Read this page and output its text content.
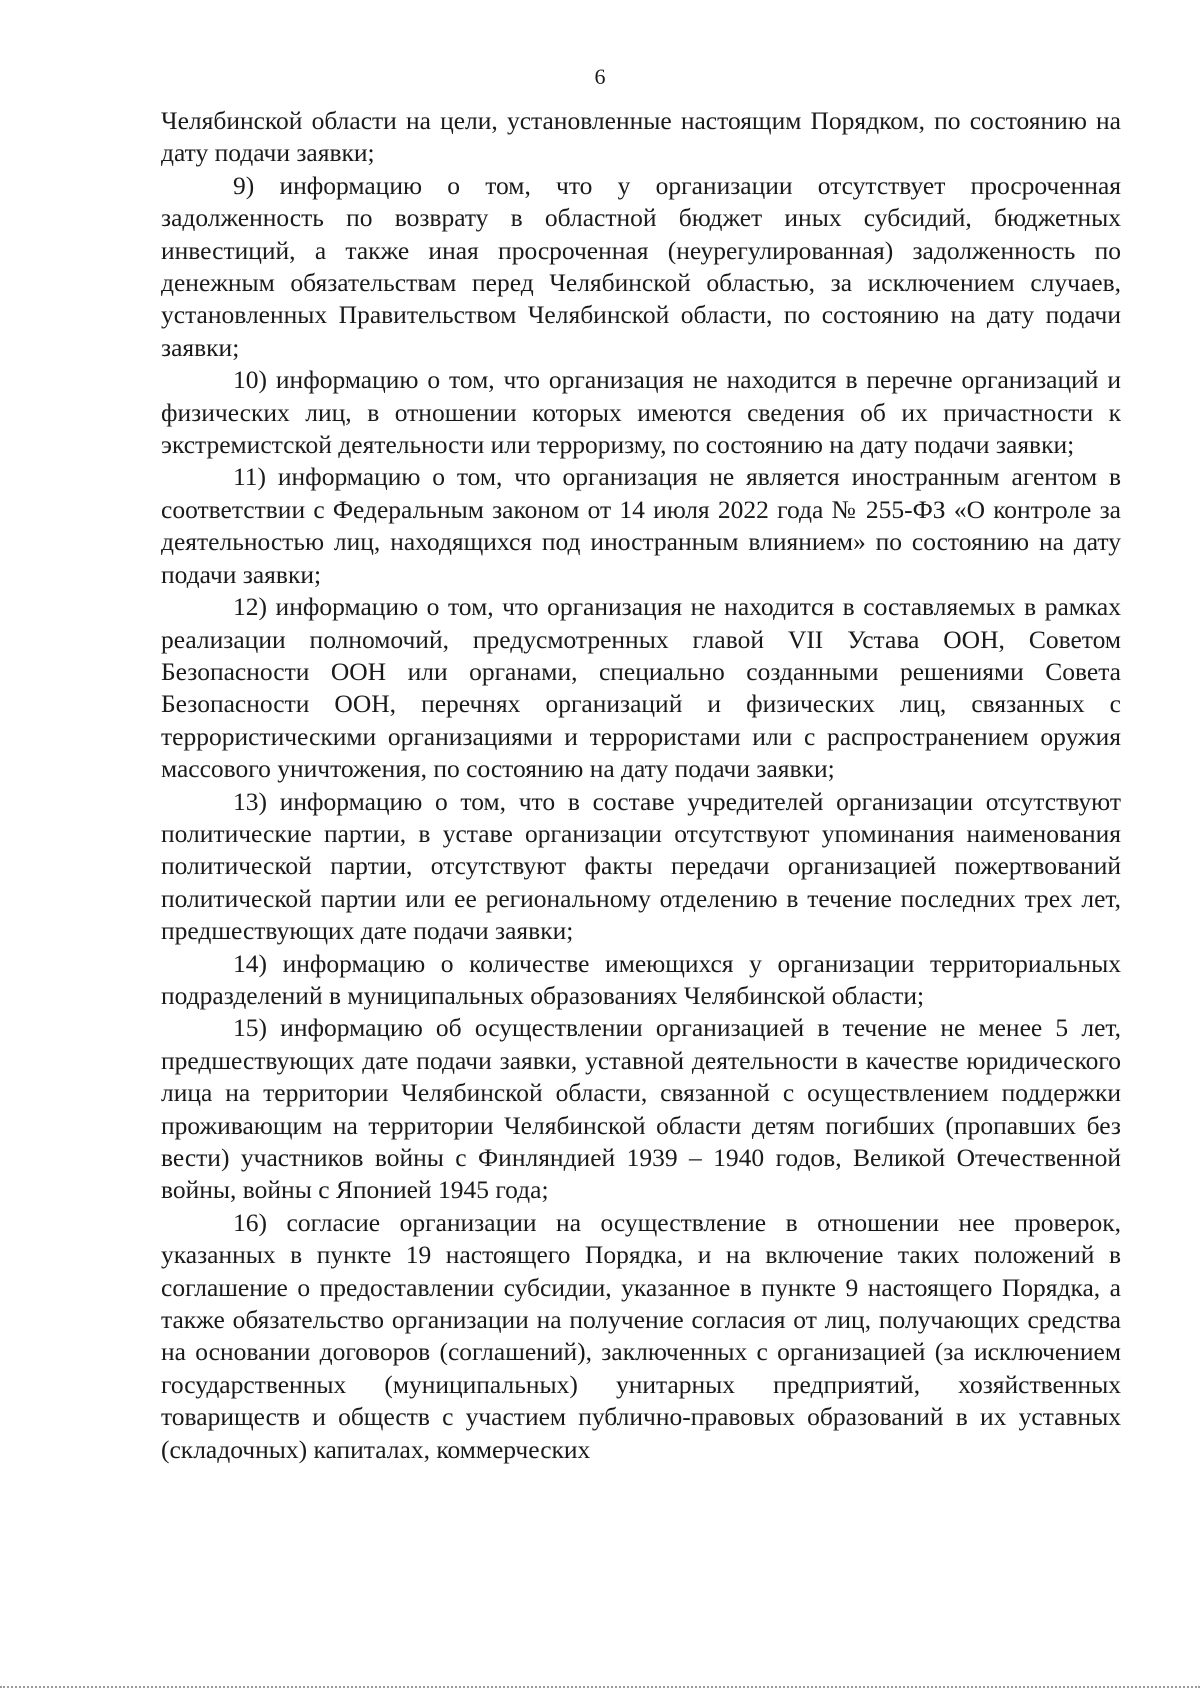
6

Челябинской области на цели, установленные настоящим Порядком, по состоянию на дату подачи заявки;

9) информацию о том, что у организации отсутствует просроченная задолженность по возврату в областной бюджет иных субсидий, бюджетных инвестиций, а также иная просроченная (неурегулированная) задолженность по денежным обязательствам перед Челябинской областью, за исключением случаев, установленных Правительством Челябинской области, по состоянию на дату подачи заявки;

10) информацию о том, что организация не находится в перечне организаций и физических лиц, в отношении которых имеются сведения об их причастности к экстремистской деятельности или терроризму, по состоянию на дату подачи заявки;

11) информацию о том, что организация не является иностранным агентом в соответствии с Федеральным законом от 14 июля 2022 года № 255-ФЗ «О контроле за деятельностью лиц, находящихся под иностранным влиянием» по состоянию на дату подачи заявки;

12) информацию о том, что организация не находится в составляемых в рамках реализации полномочий, предусмотренных главой VII Устава ООН, Советом Безопасности ООН или органами, специально созданными решениями Совета Безопасности ООН, перечнях организаций и физических лиц, связанных с террористическими организациями и террористами или с распространением оружия массового уничтожения, по состоянию на дату подачи заявки;

13) информацию о том, что в составе учредителей организации отсутствуют политические партии, в уставе организации отсутствуют упоминания наименования политической партии, отсутствуют факты передачи организацией пожертвований политической партии или ее региональному отделению в течение последних трех лет, предшествующих дате подачи заявки;

14) информацию о количестве имеющихся у организации территориальных подразделений в муниципальных образованиях Челябинской области;

15) информацию об осуществлении организацией в течение не менее 5 лет, предшествующих дате подачи заявки, уставной деятельности в качестве юридического лица на территории Челябинской области, связанной с осуществлением поддержки проживающим на территории Челябинской области детям погибших (пропавших без вести) участников войны с Финляндией 1939 – 1940 годов, Великой Отечественной войны, войны с Японией 1945 года;

16) согласие организации на осуществление в отношении нее проверок, указанных в пункте 19 настоящего Порядка, и на включение таких положений в соглашение о предоставлении субсидии, указанное в пункте 9 настоящего Порядка, а также обязательство организации на получение согласия от лиц, получающих средства на основании договоров (соглашений), заключенных с организацией (за исключением государственных (муниципальных) унитарных предприятий, хозяйственных товариществ и обществ с участием публично-правовых образований в их уставных (складочных) капиталах, коммерческих
